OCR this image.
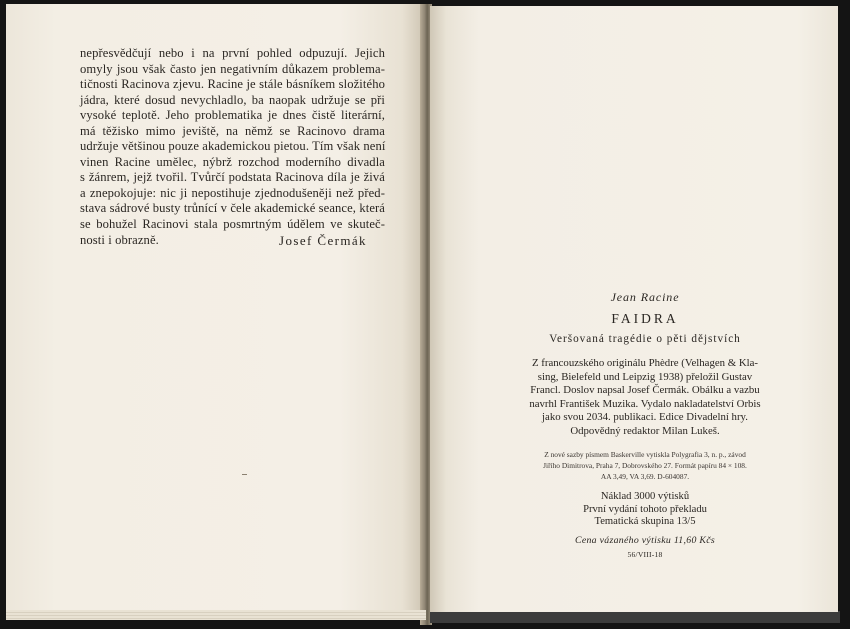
nepřesvědčují nebo i na první pohled odpuzují. Jejich
omyly jsou však často jen negativním důkazem problema-
tičnosti Racinova zjevu. Racine je stále básníkem složitého
jádra, které dosud nevychladlo, ba naopak udržuje se při
vysoké teplotě. Jeho problematika je dnes čistě literární,
má těžisko mimo jeviště, na němž se Racinovo drama
udržuje většinou pouze akademickou pietou. Tím však není
vinen Racine umělec, nýbrž rozchod moderního divadla
s žánrem, jejž tvořil. Tvůrčí podstata Racinova díla je živá
a znepokojuje: nic ji nepostihuje zjednodušeněji než před-
stava sádrové busty trůnící v čele akademické seance, která
se bohužel Racinovi stala posmrtným údělem ve skuteč-
nosti i obrazně.	Josef Čermák
Jean Racine
FAIDRA
Veršovaná tragédie o pěti dějstvích
Z francouzského originálu Phèdre (Velhagen & Kla-
sing, Bielefeld und Leipzig 1938) přeložil Gustav
Francl. Doslov napsal Josef Čermák. Obálku a vazbu
navrhl František Muzika. Vydalo nakladatelství Orbis
jako svou 2034. publikaci. Edice Divadelní hry.
Odpovědný redaktor Milan Lukeš.
Z nové sazby písmem Baskerville vytiskla Polygrafia 3, n. p., závod
Jiřího Dimitrova, Praha 7, Dobrovského 27. Formát papíru 84 × 108.
AA 3,49, VA 3,69. D-604087.
Náklad 3000 výtisků
První vydání tohoto překladu
Tematická skupina 13/5
Cena vázaného výtisku 11,60 Kčs
56/VIII-18
